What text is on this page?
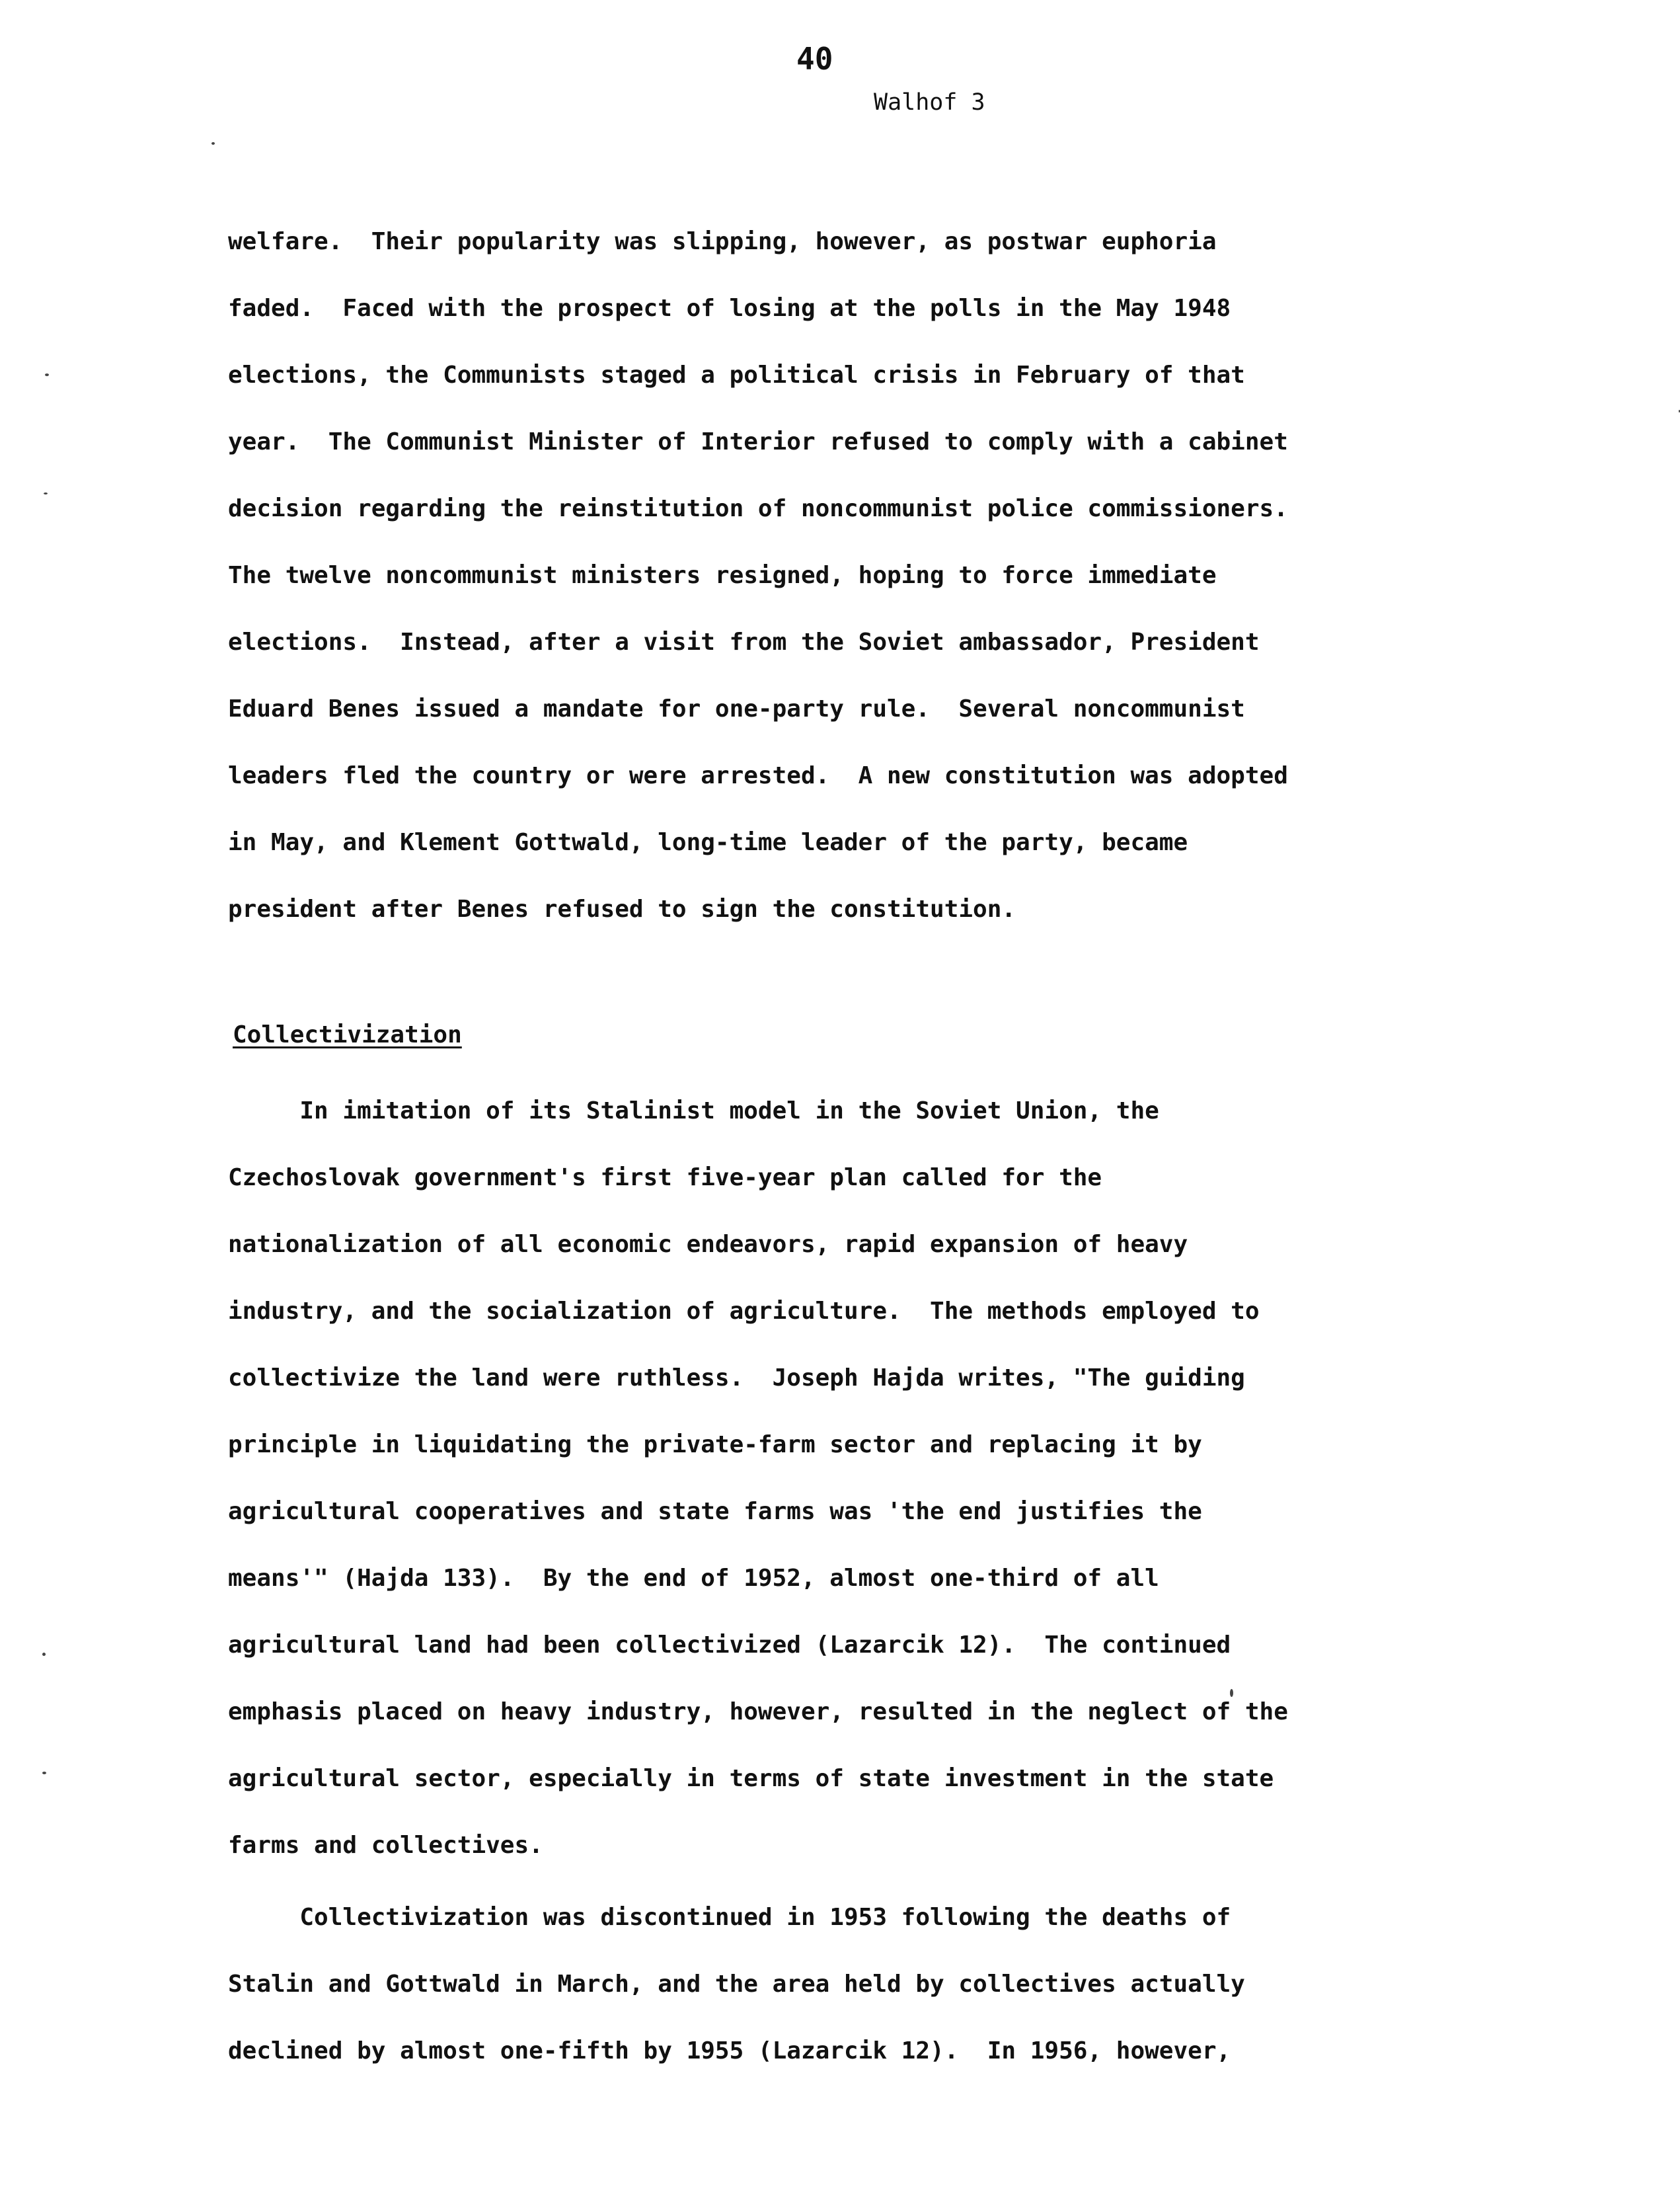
40
Walhof 3
welfare.  Their popularity was slipping, however, as postwar euphoria
faded.  Faced with the prospect of losing at the polls in the May 1948
elections, the Communists staged a political crisis in February of that
year.  The Communist Minister of Interior refused to comply with a cabinet
decision regarding the reinstitution of noncommunist police commissioners.
The twelve noncommunist ministers resigned, hoping to force immediate
elections.  Instead, after a visit from the Soviet ambassador, President
Eduard Benes issued a mandate for one-party rule.  Several noncommunist
leaders fled the country or were arrested.  A new constitution was adopted
in May, and Klement Gottwald, long-time leader of the party, became
president after Benes refused to sign the constitution.
Collectivization
In imitation of its Stalinist model in the Soviet Union, the
Czechoslovak government's first five-year plan called for the
nationalization of all economic endeavors, rapid expansion of heavy
industry, and the socialization of agriculture.  The methods employed to
collectivize the land were ruthless.  Joseph Hajda writes, "The guiding
principle in liquidating the private-farm sector and replacing it by
agricultural cooperatives and state farms was 'the end justifies the
means'" (Hajda 133).  By the end of 1952, almost one-third of all
agricultural land had been collectivized (Lazarcik 12).  The continued
emphasis placed on heavy industry, however, resulted in the neglect of the
agricultural sector, especially in terms of state investment in the state
farms and collectives.
Collectivization was discontinued in 1953 following the deaths of
Stalin and Gottwald in March, and the area held by collectives actually
declined by almost one-fifth by 1955 (Lazarcik 12).  In 1956, however,
